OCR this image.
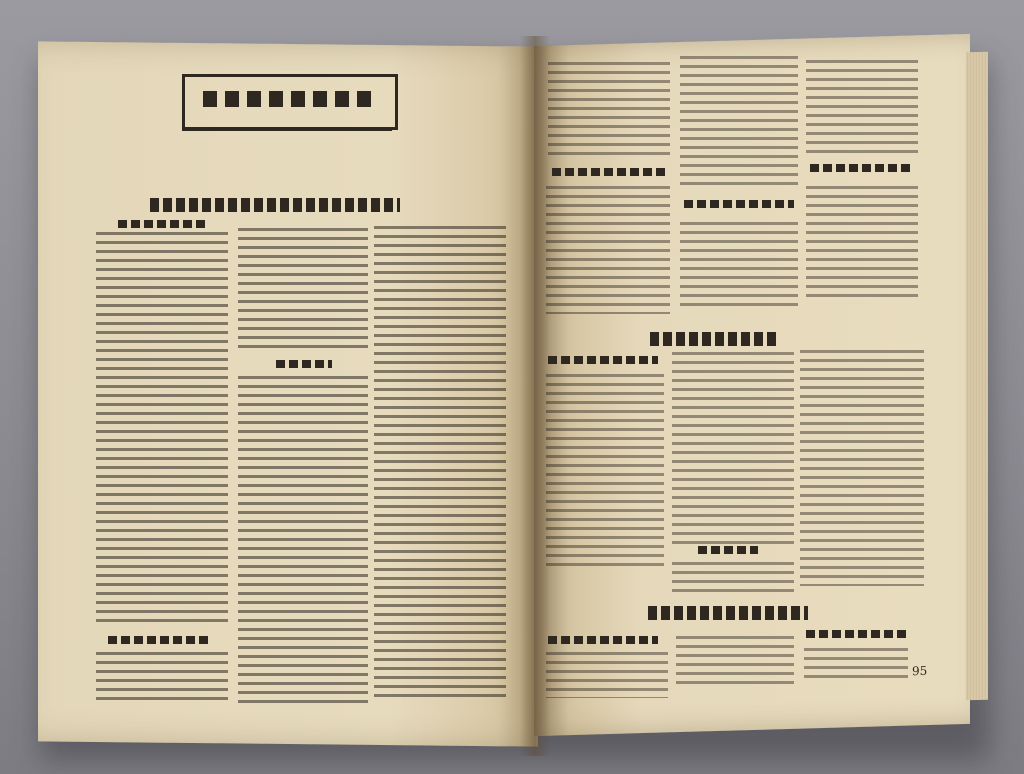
95
